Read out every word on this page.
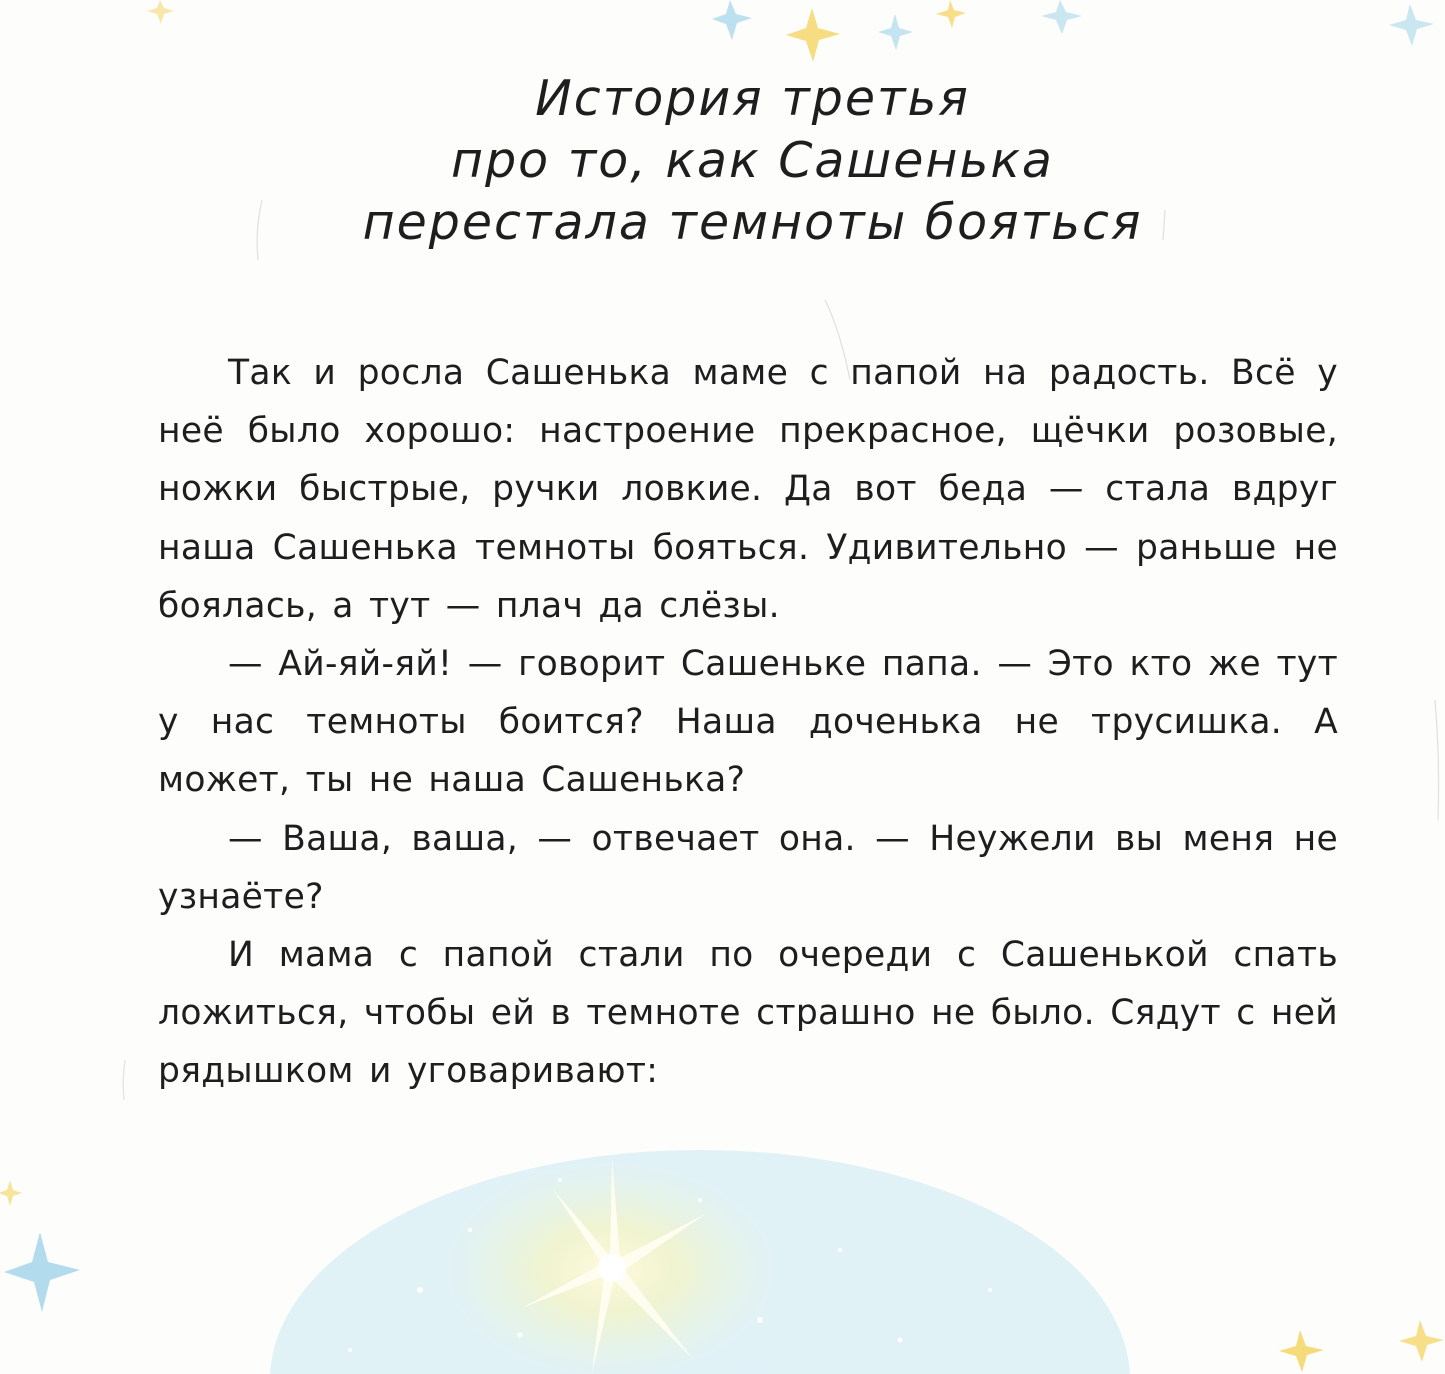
История третья
про то, как Сашенька
перестала темноты бояться

Так и росла Сашенька маме с папой на радость. Всё у неё было хорошо: настроение прекрасное, щёчки розовые, ножки быстрые, ручки ловкие. Да вот беда — стала вдруг наша Сашенька темноты бояться. Удивительно — раньше не боялась, а тут — плач да слёзы.

— Ай-яй-яй! — говорит Сашеньке папа. — Это кто же тут у нас темноты боится? Наша доченька не трусишка. А может, ты не наша Сашенька?

— Ваша, ваша, — отвечает она. — Неужели вы меня не узнаёте?

И мама с папой стали по очереди с Сашенькой спать ложиться, чтобы ей в темноте страшно не было. Сядут с ней рядышком и уговаривают:
